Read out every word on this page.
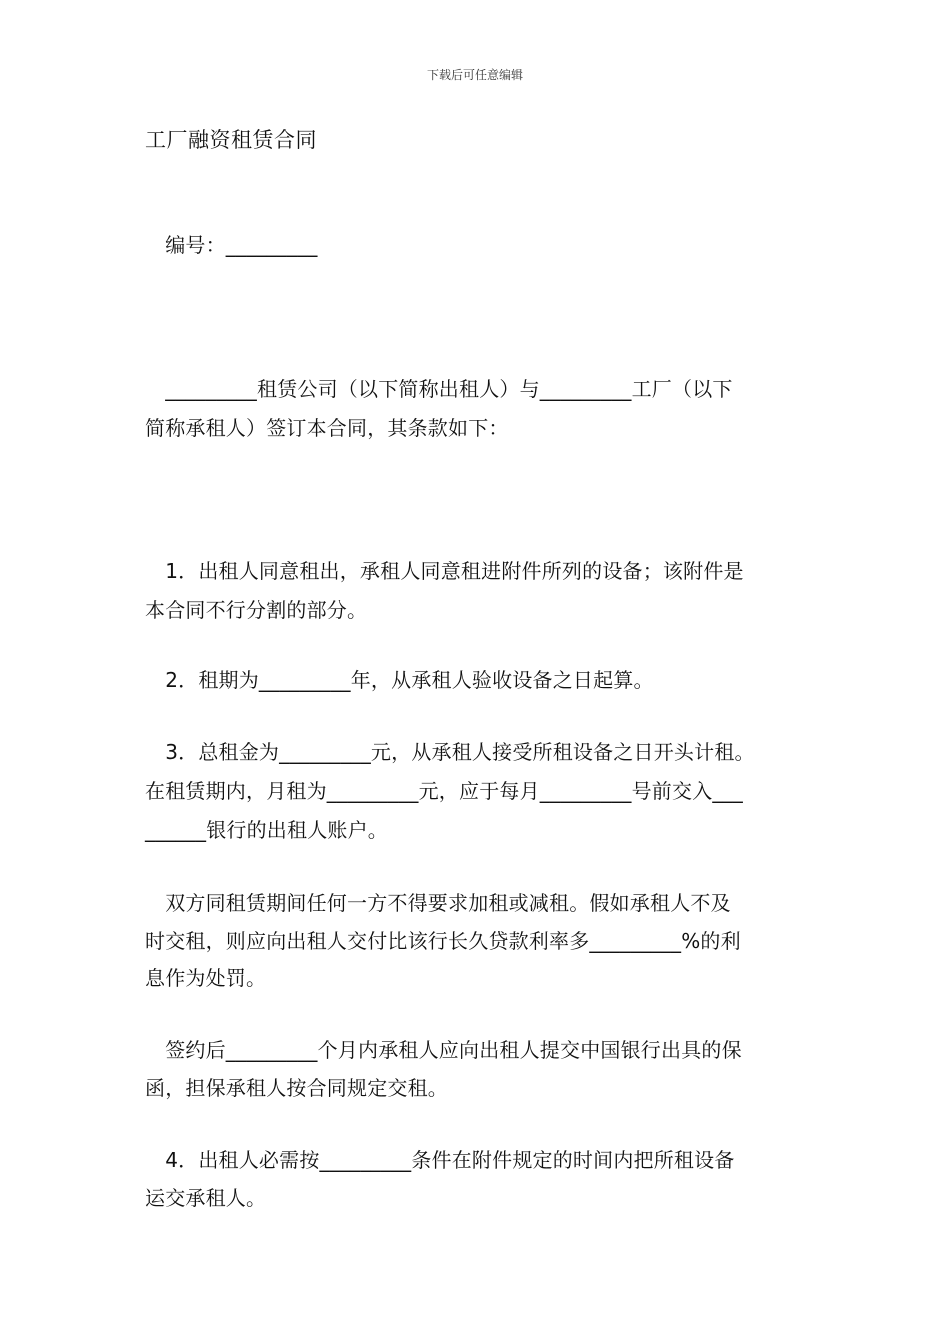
下载后可任意编辑
工厂融资租赁合同
　编号：_________
　_________租赁公司（以下简称出租人）与_________工厂（以下
简称承租人）签订本合同，其条款如下：
　1．出租人同意租出，承租人同意租进附件所列的设备；该附件是
本合同不行分割的部分。
　2．租期为_________年，从承租人验收设备之日起算。
　3．总租金为_________元，从承租人接受所租设备之日开头计租。
在租赁期内，月租为_________元，应于每月_________号前交入___
______银行的出租人账户。
　双方同租赁期间任何一方不得要求加租或减租。假如承租人不及
时交租，则应向出租人交付比该行长久贷款利率多_________%的利
息作为处罚。
　签约后_________个月内承租人应向出租人提交中国银行出具的保
函，担保承租人按合同规定交租。
　4．出租人必需按_________条件在附件规定的时间内把所租设备
运交承租人。
